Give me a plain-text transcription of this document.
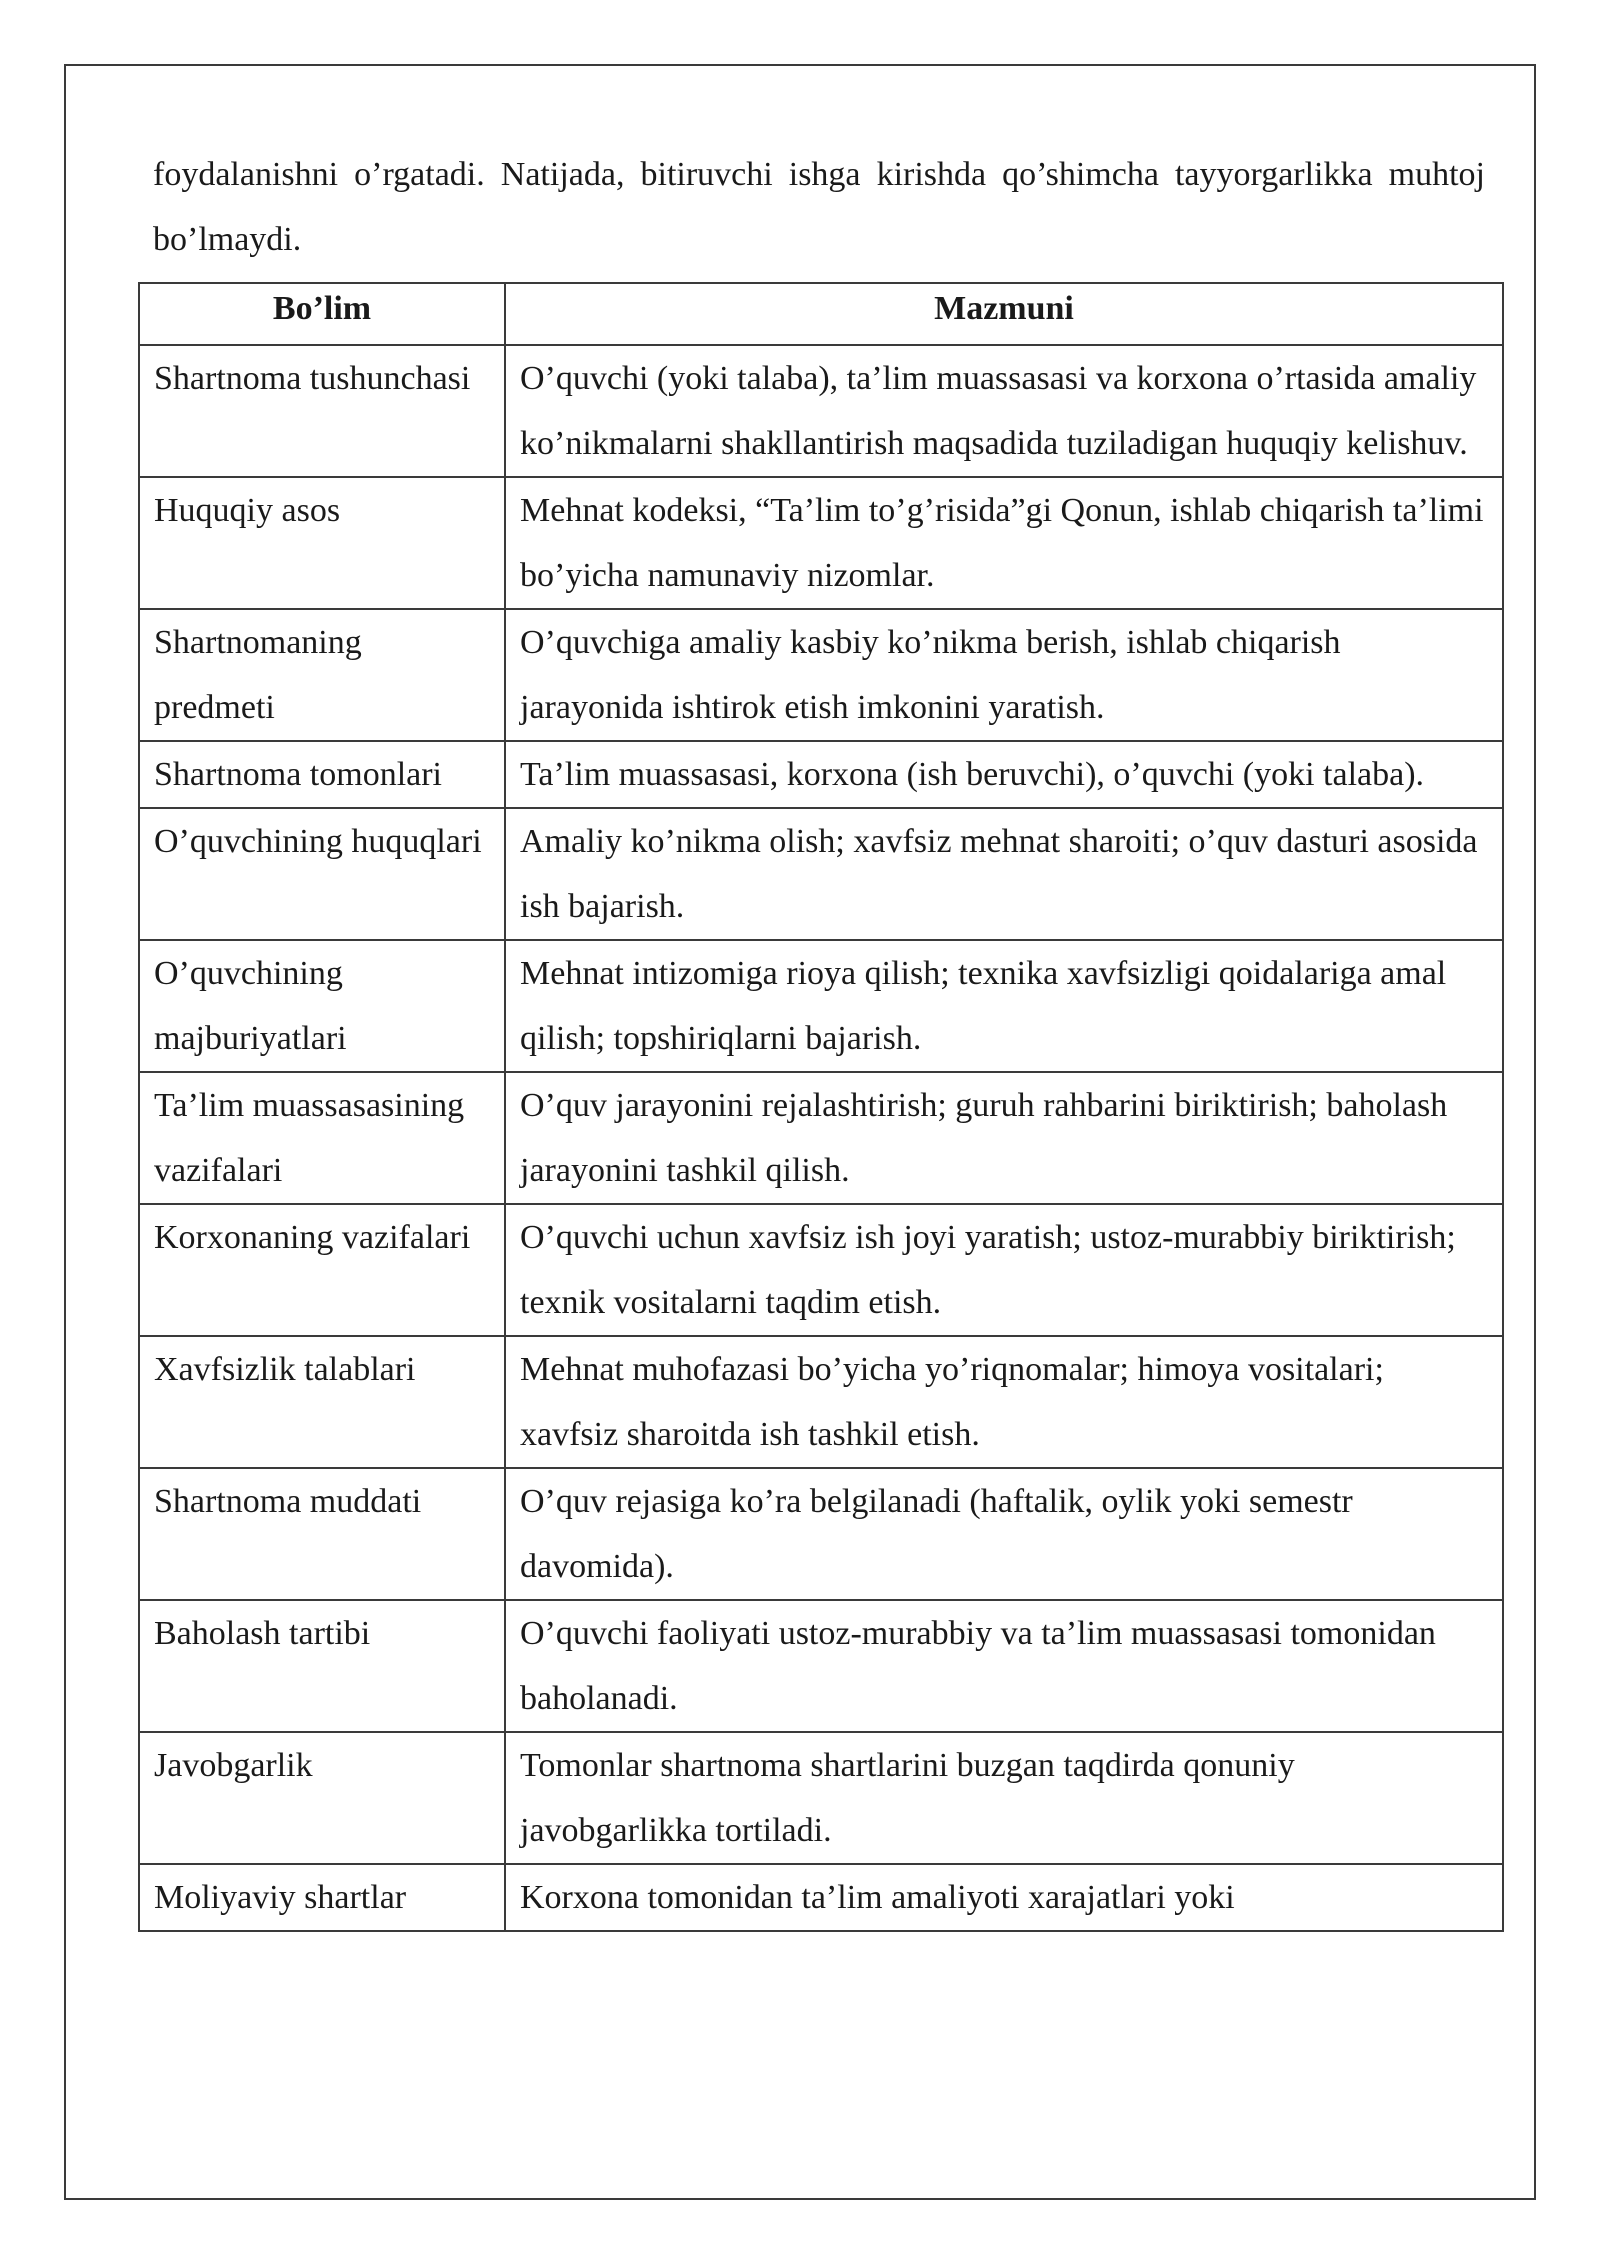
foydalanishni o’rgatadi. Natijada, bitiruvchi ishga kirishda qo’shimcha tayyorgarlikka muhtoj bo’lmaydi.

Bo’lim	Mazmuni
Shartnoma tushunchasi	O’quvchi (yoki talaba), ta’lim muassasasi va korxona o’rtasida amaliy ko’nikmalarni shakllantirish maqsadida tuziladigan huquqiy kelishuv.
Huquqiy asos	Mehnat kodeksi, “Ta’lim to’g’risida”gi Qonun, ishlab chiqarish ta’limi bo’yicha namunaviy nizomlar.
Shartnomaning predmeti	O’quvchiga amaliy kasbiy ko’nikma berish, ishlab chiqarish jarayonida ishtirok etish imkonini yaratish.
Shartnoma tomonlari	Ta’lim muassasasi, korxona (ish beruvchi), o’quvchi (yoki talaba).
O’quvchining huquqlari	Amaliy ko’nikma olish; xavfsiz mehnat sharoiti; o’quv dasturi asosida ish bajarish.
O’quvchining majburiyatlari	Mehnat intizomiga rioya qilish; texnika xavfsizligi qoidalariga amal qilish; topshiriqlarni bajarish.
Ta’lim muassasasining vazifalari	O’quv jarayonini rejalashtirish; guruh rahbarini biriktirish; baholash jarayonini tashkil qilish.
Korxonaning vazifalari	O’quvchi uchun xavfsiz ish joyi yaratish; ustoz-murabbiy biriktirish; texnik vositalarni taqdim etish.
Xavfsizlik talablari	Mehnat muhofazasi bo’yicha yo’riqnomalar; himoya vositalari; xavfsiz sharoitda ish tashkil etish.
Shartnoma muddati	O’quv rejasiga ko’ra belgilanadi (haftalik, oylik yoki semestr davomida).
Baholash tartibi	O’quvchi faoliyati ustoz-murabbiy va ta’lim muassasasi tomonidan baholanadi.
Javobgarlik	Tomonlar shartnoma shartlarini buzgan taqdirda qonuniy javobgarlikka tortiladi.
Moliyaviy shartlar	Korxona tomonidan ta’lim amaliyoti xarajatlari yoki
